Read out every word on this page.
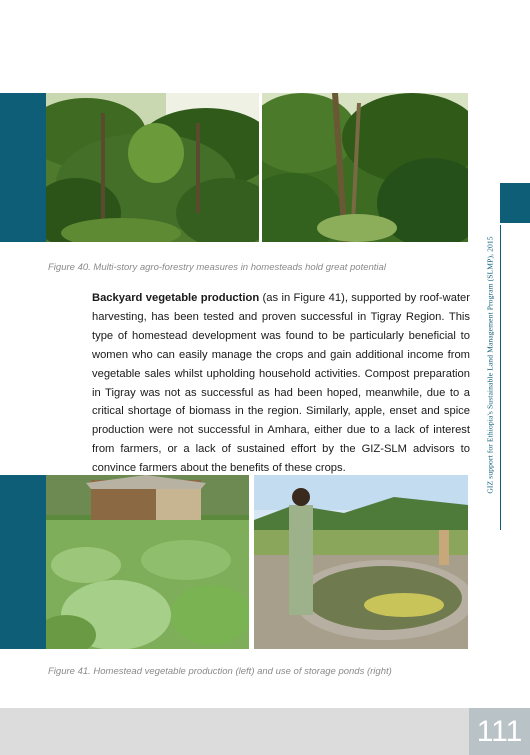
Figure 40. Multi-story agro-forestry measures in homesteads hold great potential
Backyard vegetable production (as in Figure 41), supported by roof-water harvesting, has been tested and proven successful in Tigray Region. This type of homestead development was found to be particularly beneficial to women who can easily manage the crops and gain additional income from vegetable sales whilst upholding household activities. Compost preparation in Tigray was not as successful as had been hoped, meanwhile, due to a critical shortage of biomass in the region. Similarly, apple, enset and spice production were not successful in Amhara, either due to a lack of interest from farmers, or a lack of sustained effort by the GIZ-SLM advisors to convince farmers about the benefits of these crops.
Figure 41. Homestead vegetable production (left) and use of storage ponds (right)
GIZ support for Ethiopia's Sustainable Land Management Program (SLMP), 2015
111
